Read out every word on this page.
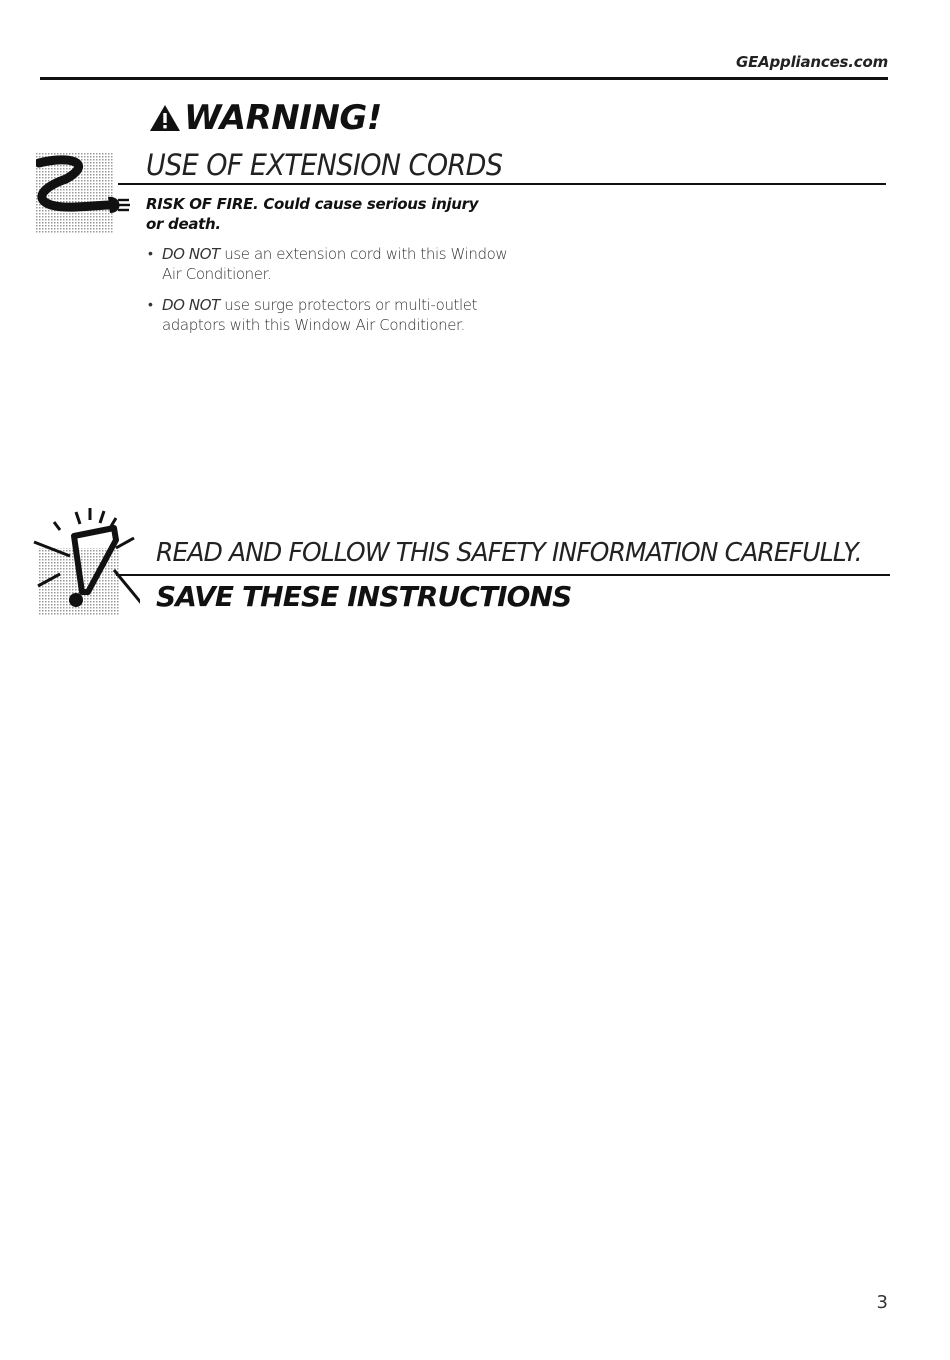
GEAppliances.com
WARNING!
USE OF EXTENSION CORDS
RISK OF FIRE. Could cause serious injury or death.
• DO NOT use an extension cord with this Window Air Conditioner.
• DO NOT use surge protectors or multi-outlet adaptors with this Window Air Conditioner.
READ AND FOLLOW THIS SAFETY INFORMATION CAREFULLY.
SAVE THESE INSTRUCTIONS
3
